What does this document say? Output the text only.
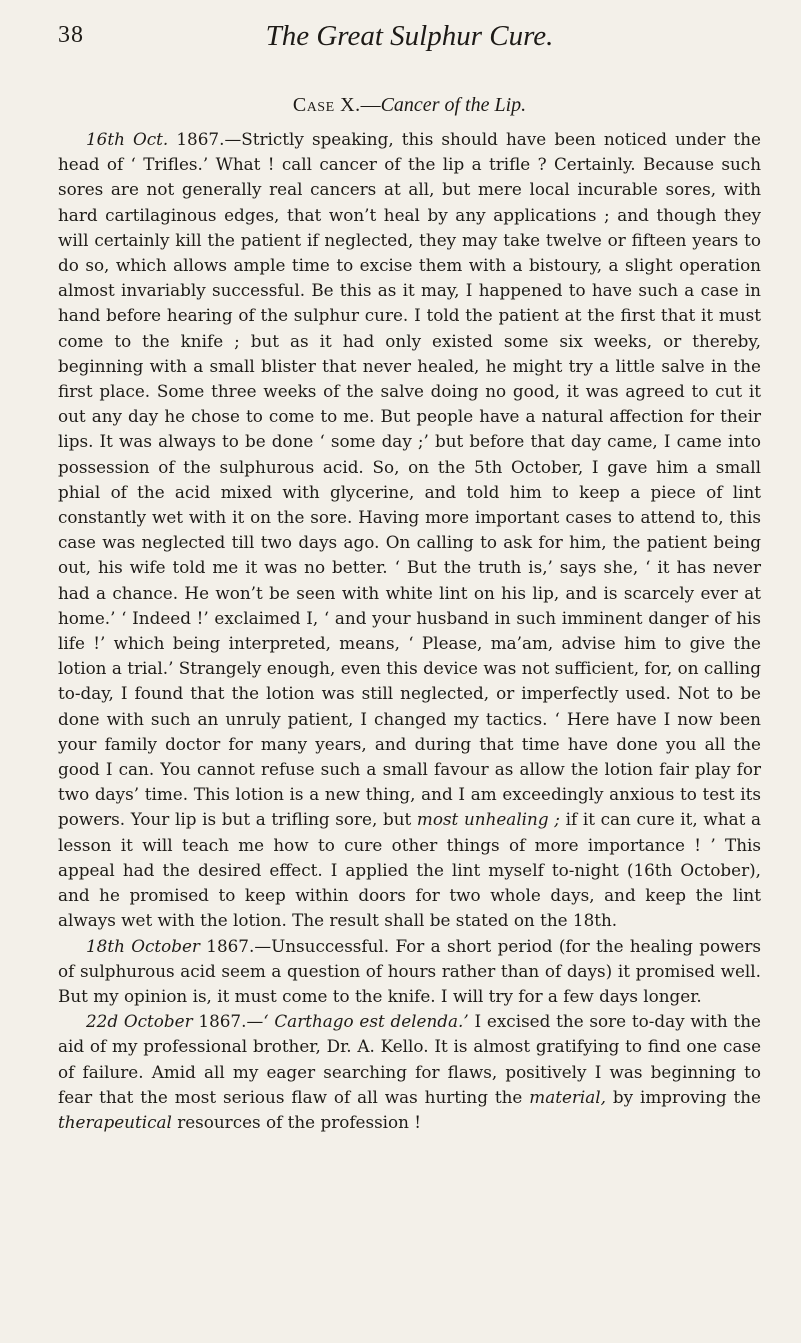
38	The Great Sulphur Cure.
Case X.—Cancer of the Lip.

16th Oct. 1867.—Strictly speaking, this should have been noticed under the head of ‘ Trifles.’ What ! call cancer of the lip a trifle ? Certainly. Because such sores are not generally real cancers at all, but mere local incurable sores, with hard cartilaginous edges, that won’t heal by any applications ; and though they will certainly kill the patient if neglected, they may take twelve or fifteen years to do so, which allows ample time to excise them with a bistoury, a slight operation almost invariably successful. Be this as it may, I happened to have such a case in hand before hearing of the sulphur cure. I told the patient at the first that it must come to the knife ; but as it had only existed some six weeks, or thereby, beginning with a small blister that never healed, he might try a little salve in the first place. Some three weeks of the salve doing no good, it was agreed to cut it out any day he chose to come to me. But people have a natural affection for their lips. It was always to be done ‘ some day ;’ but before that day came, I came into possession of the sulphurous acid. So, on the 5th October, I gave him a small phial of the acid mixed with glycerine, and told him to keep a piece of lint constantly wet with it on the sore. Having more important cases to attend to, this case was neglected till two days ago. On calling to ask for him, the patient being out, his wife told me it was no better. ‘ But the truth is,’ says she, ‘ it has never had a chance. He won’t be seen with white lint on his lip, and is scarcely ever at home.’ ‘ Indeed !’ exclaimed I, ‘ and your husband in such imminent danger of his life !’ which being interpreted, means, ‘ Please, ma’am, advise him to give the lotion a trial.’ Strangely enough, even this device was not sufficient, for, on calling to-day, I found that the lotion was still neglected, or imperfectly used. Not to be done with such an unruly patient, I changed my tactics. ‘ Here have I now been your family doctor for many years, and during that time have done you all the good I can. You cannot refuse such a small favour as allow the lotion fair play for two days’ time. This lotion is a new thing, and I am exceedingly anxious to test its powers. Your lip is but a trifling sore, but most unhealing ; if it can cure it, what a lesson it will teach me how to cure other things of more importance ! ’ This appeal had the desired effect. I applied the lint myself to-night (16th October), and he promised to keep within doors for two whole days, and keep the lint always wet with the lotion. The result shall be stated on the 18th.

18th October 1867.—Unsuccessful. For a short period (for the healing powers of sulphurous acid seem a question of hours rather than of days) it promised well. But my opinion is, it must come to the knife. I will try for a few days longer.

22d October 1867.—‘ Carthago est delenda.’ I excised the sore to-day with the aid of my professional brother, Dr. A. Kello. It is almost gratifying to find one case of failure. Amid all my eager searching for flaws, positively I was beginning to fear that the most serious flaw of all was hurting the material, by improving the therapeutical resources of the profession !
